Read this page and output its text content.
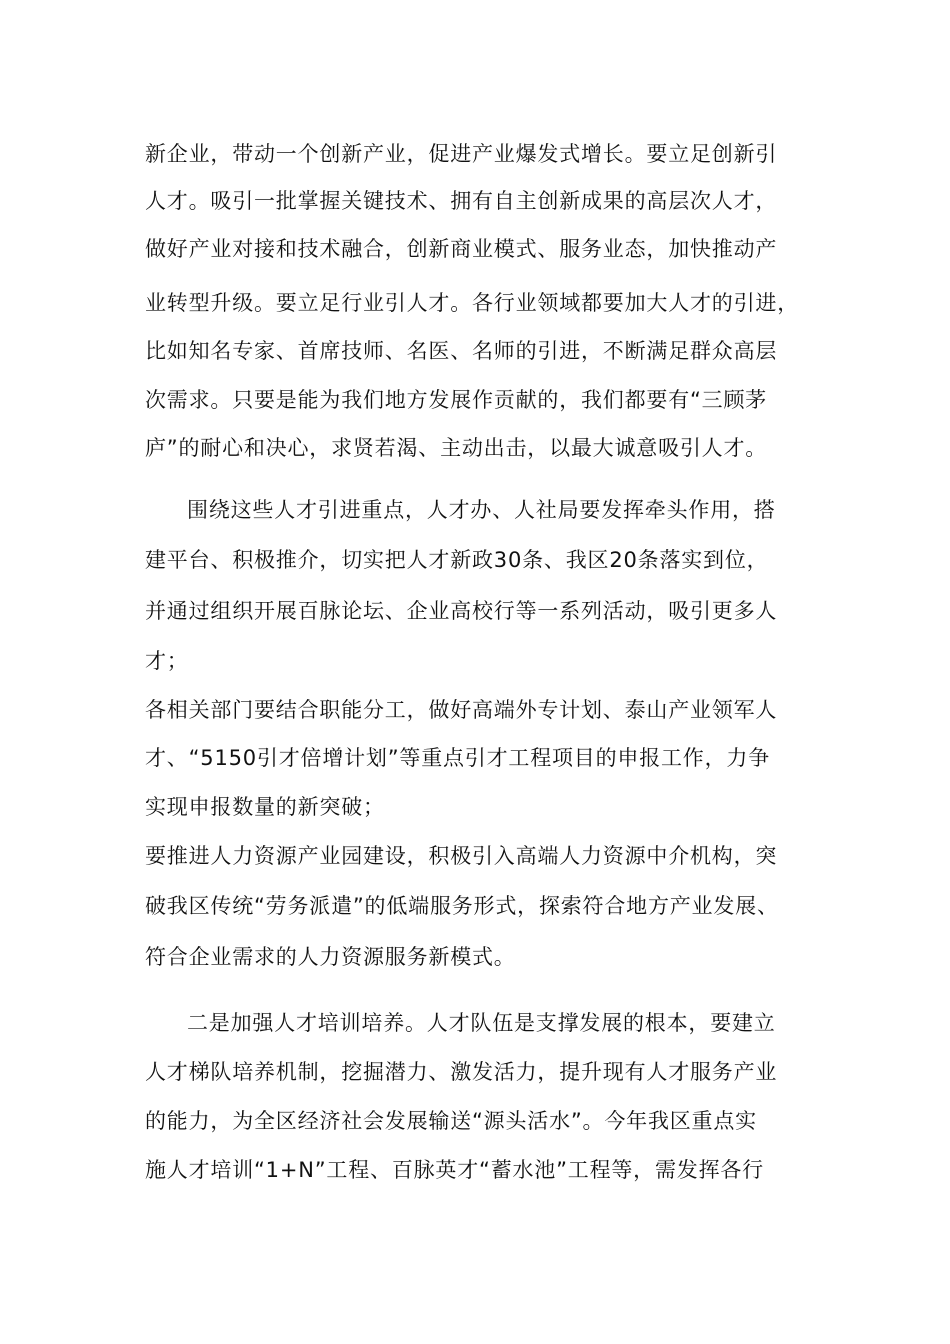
新企业，带动一个创新产业，促进产业爆发式增长。要立足创新引
人才。吸引一批掌握关键技术、拥有自主创新成果的高层次人才，
做好产业对接和技术融合，创新商业模式、服务业态，加快推动产
业转型升级。要立足行业引人才。各行业领域都要加大人才的引进，
比如知名专家、首席技师、名医、名师的引进，不断满足群众高层
次需求。只要是能为我们地方发展作贡献的，我们都要有“三顾茅
庐”的耐心和决心，求贤若渴、主动出击，以最大诚意吸引人才。
围绕这些人才引进重点，人才办、人社局要发挥牵头作用，搭
建平台、积极推介，切实把人才新政30条、我区20条落实到位，
并通过组织开展百脉论坛、企业高校行等一系列活动，吸引更多人
才；
各相关部门要结合职能分工，做好高端外专计划、泰山产业领军人
才、“5150引才倍增计划”等重点引才工程项目的申报工作，力争
实现申报数量的新突破；
要推进人力资源产业园建设，积极引入高端人力资源中介机构，突
破我区传统“劳务派遣”的低端服务形式，探索符合地方产业发展、
符合企业需求的人力资源服务新模式。
二是加强人才培训培养。人才队伍是支撑发展的根本，要建立
人才梯队培养机制，挖掘潜力、激发活力，提升现有人才服务产业
的能力，为全区经济社会发展输送“源头活水”。今年我区重点实
施人才培训“1+N”工程、百脉英才“蓄水池”工程等，需发挥各行
